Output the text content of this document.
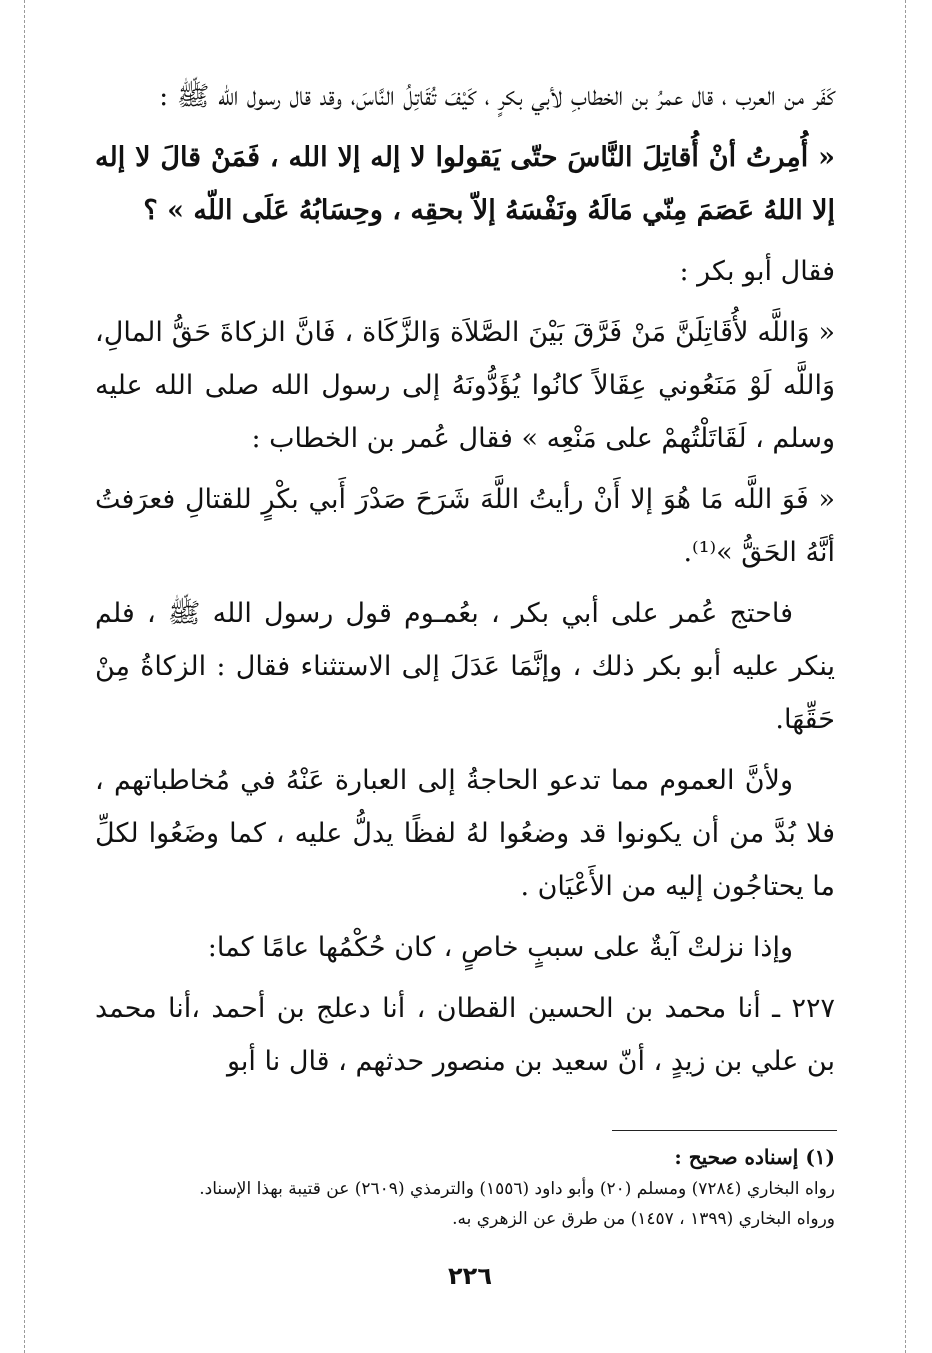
كَفَر من العرب ، قال عمرُ بن الخطابِ لأبي بكرٍ ، كَيْفَ تُقَاتِلُ النَّاسَ، وقد قال رسول الله ﷺ :

« أُمِرتُ أنْ أُقاتِلَ النَّاسَ حتّى يَقولوا لا إله إلا الله ، فَمَنْ قالَ لا إله إلا اللهُ عَصَمَ مِنّي مَالَهُ ونَفْسَهُ إلاّ بحقِه ، وحِسَابُهُ عَلَى اللّه » ؟

فقال أبو بكر :

« وَاللَّه لأُقَاتِلَنَّ مَنْ فَرَّقَ بَيْنَ الصَّلاَة وَالزَّكَاة ، فَانَّ الزكاةَ حَقُّ المالِ، وَاللَّه لَوْ مَنَعُوني عِقَالاً كانُوا يُؤَدُّونَهُ إلى رسول الله صلى الله عليه وسلم ، لَقَاتَلْتُهمْ على مَنْعِه » فقال عُمر بن الخطاب :

« فَوَ اللَّه مَا هُوَ إلا أَنْ رأيتُ اللَّهَ شَرَحَ صَدْرَ أَبي بكْرٍ للقتالِ فعرَفتُ أنَّهُ الحَقُّ »⁽¹⁾.

فاحتج عُمر على أبي بكر ، بعُمـوم قول رسول الله ﷺ ، فلم ينكر عليه أبو بكر ذلك ، وإنَّمَا عَدَلَ إلى الاستثناء فقال : الزكاةُ مِنْ حَقِّهَا.

ولأنَّ العموم مما تدعو الحاجةُ إلى العبارة عَنْهُ في مُخاطباتهم ، فلا بُدَّ من أن يكونوا قد وضعُوا لهُ لفظًا يدلُّ عليه ، كما وضَعُوا لكلِّ ما يحتاجُون إليه من الأَعْيَان .

وإذا نزلتْ آيةٌ على سببٍ خاصٍ ، كان حُكْمُها عامًا كما:

٢٢٧ ـ أنا محمد بن الحسين القطان ، أنا دعلج بن أحمد ،أنا محمد بن علي بن زيدٍ ، أنّ سعيد بن منصور حدثهم ، قال نا أبو

(١) إسناده صحيح :

رواه البخاري (٧٢٨٤) ومسلم (٢٠) وأبو داود (١٥٥٦) والترمذي (٢٦٠٩) عن قتيبة بهذا الإسناد.

ورواه البخاري (١٣٩٩ ، ١٤٥٧) من طرق عن الزهري به.

٢٢٦
